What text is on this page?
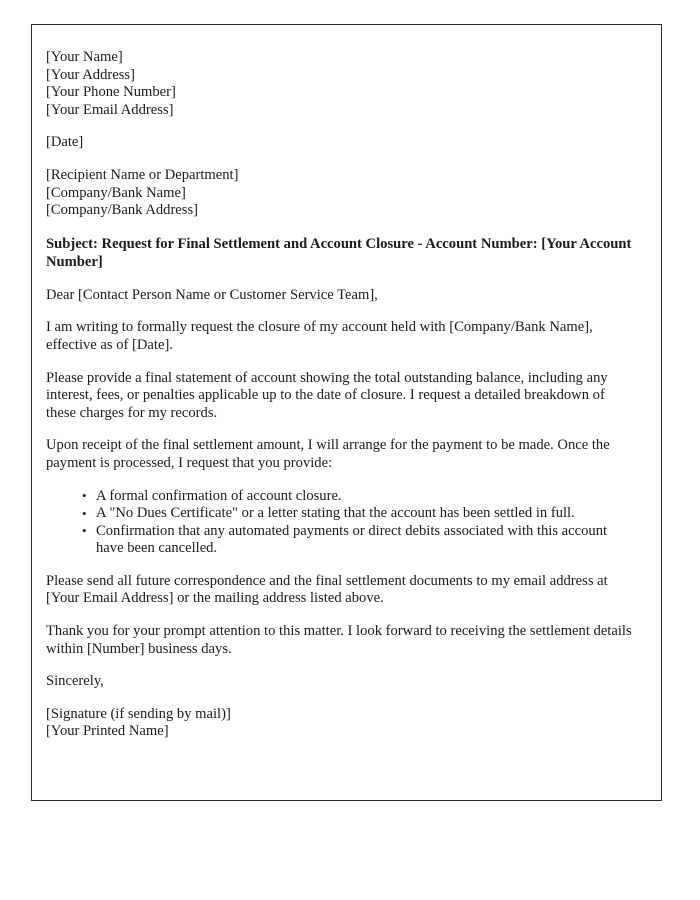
[Your Name]
[Your Address]
[Your Phone Number]
[Your Email Address]
[Date]
[Recipient Name or Department]
[Company/Bank Name]
[Company/Bank Address]
Subject: Request for Final Settlement and Account Closure - Account Number: [Your Account Number]
Dear [Contact Person Name or Customer Service Team],

I am writing to formally request the closure of my account held with [Company/Bank Name], effective as of [Date].

Please provide a final statement of account showing the total outstanding balance, including any interest, fees, or penalties applicable up to the date of closure. I request a detailed breakdown of these charges for my records.

Upon receipt of the final settlement amount, I will arrange for the payment to be made. Once the payment is processed, I request that you provide:

• A formal confirmation of account closure.
• A "No Dues Certificate" or a letter stating that the account has been settled in full.
• Confirmation that any automated payments or direct debits associated with this account have been cancelled.

Please send all future correspondence and the final settlement documents to my email address at [Your Email Address] or the mailing address listed above.

Thank you for your prompt attention to this matter. I look forward to receiving the settlement details within [Number] business days.

Sincerely,
[Signature (if sending by mail)]
[Your Printed Name]
